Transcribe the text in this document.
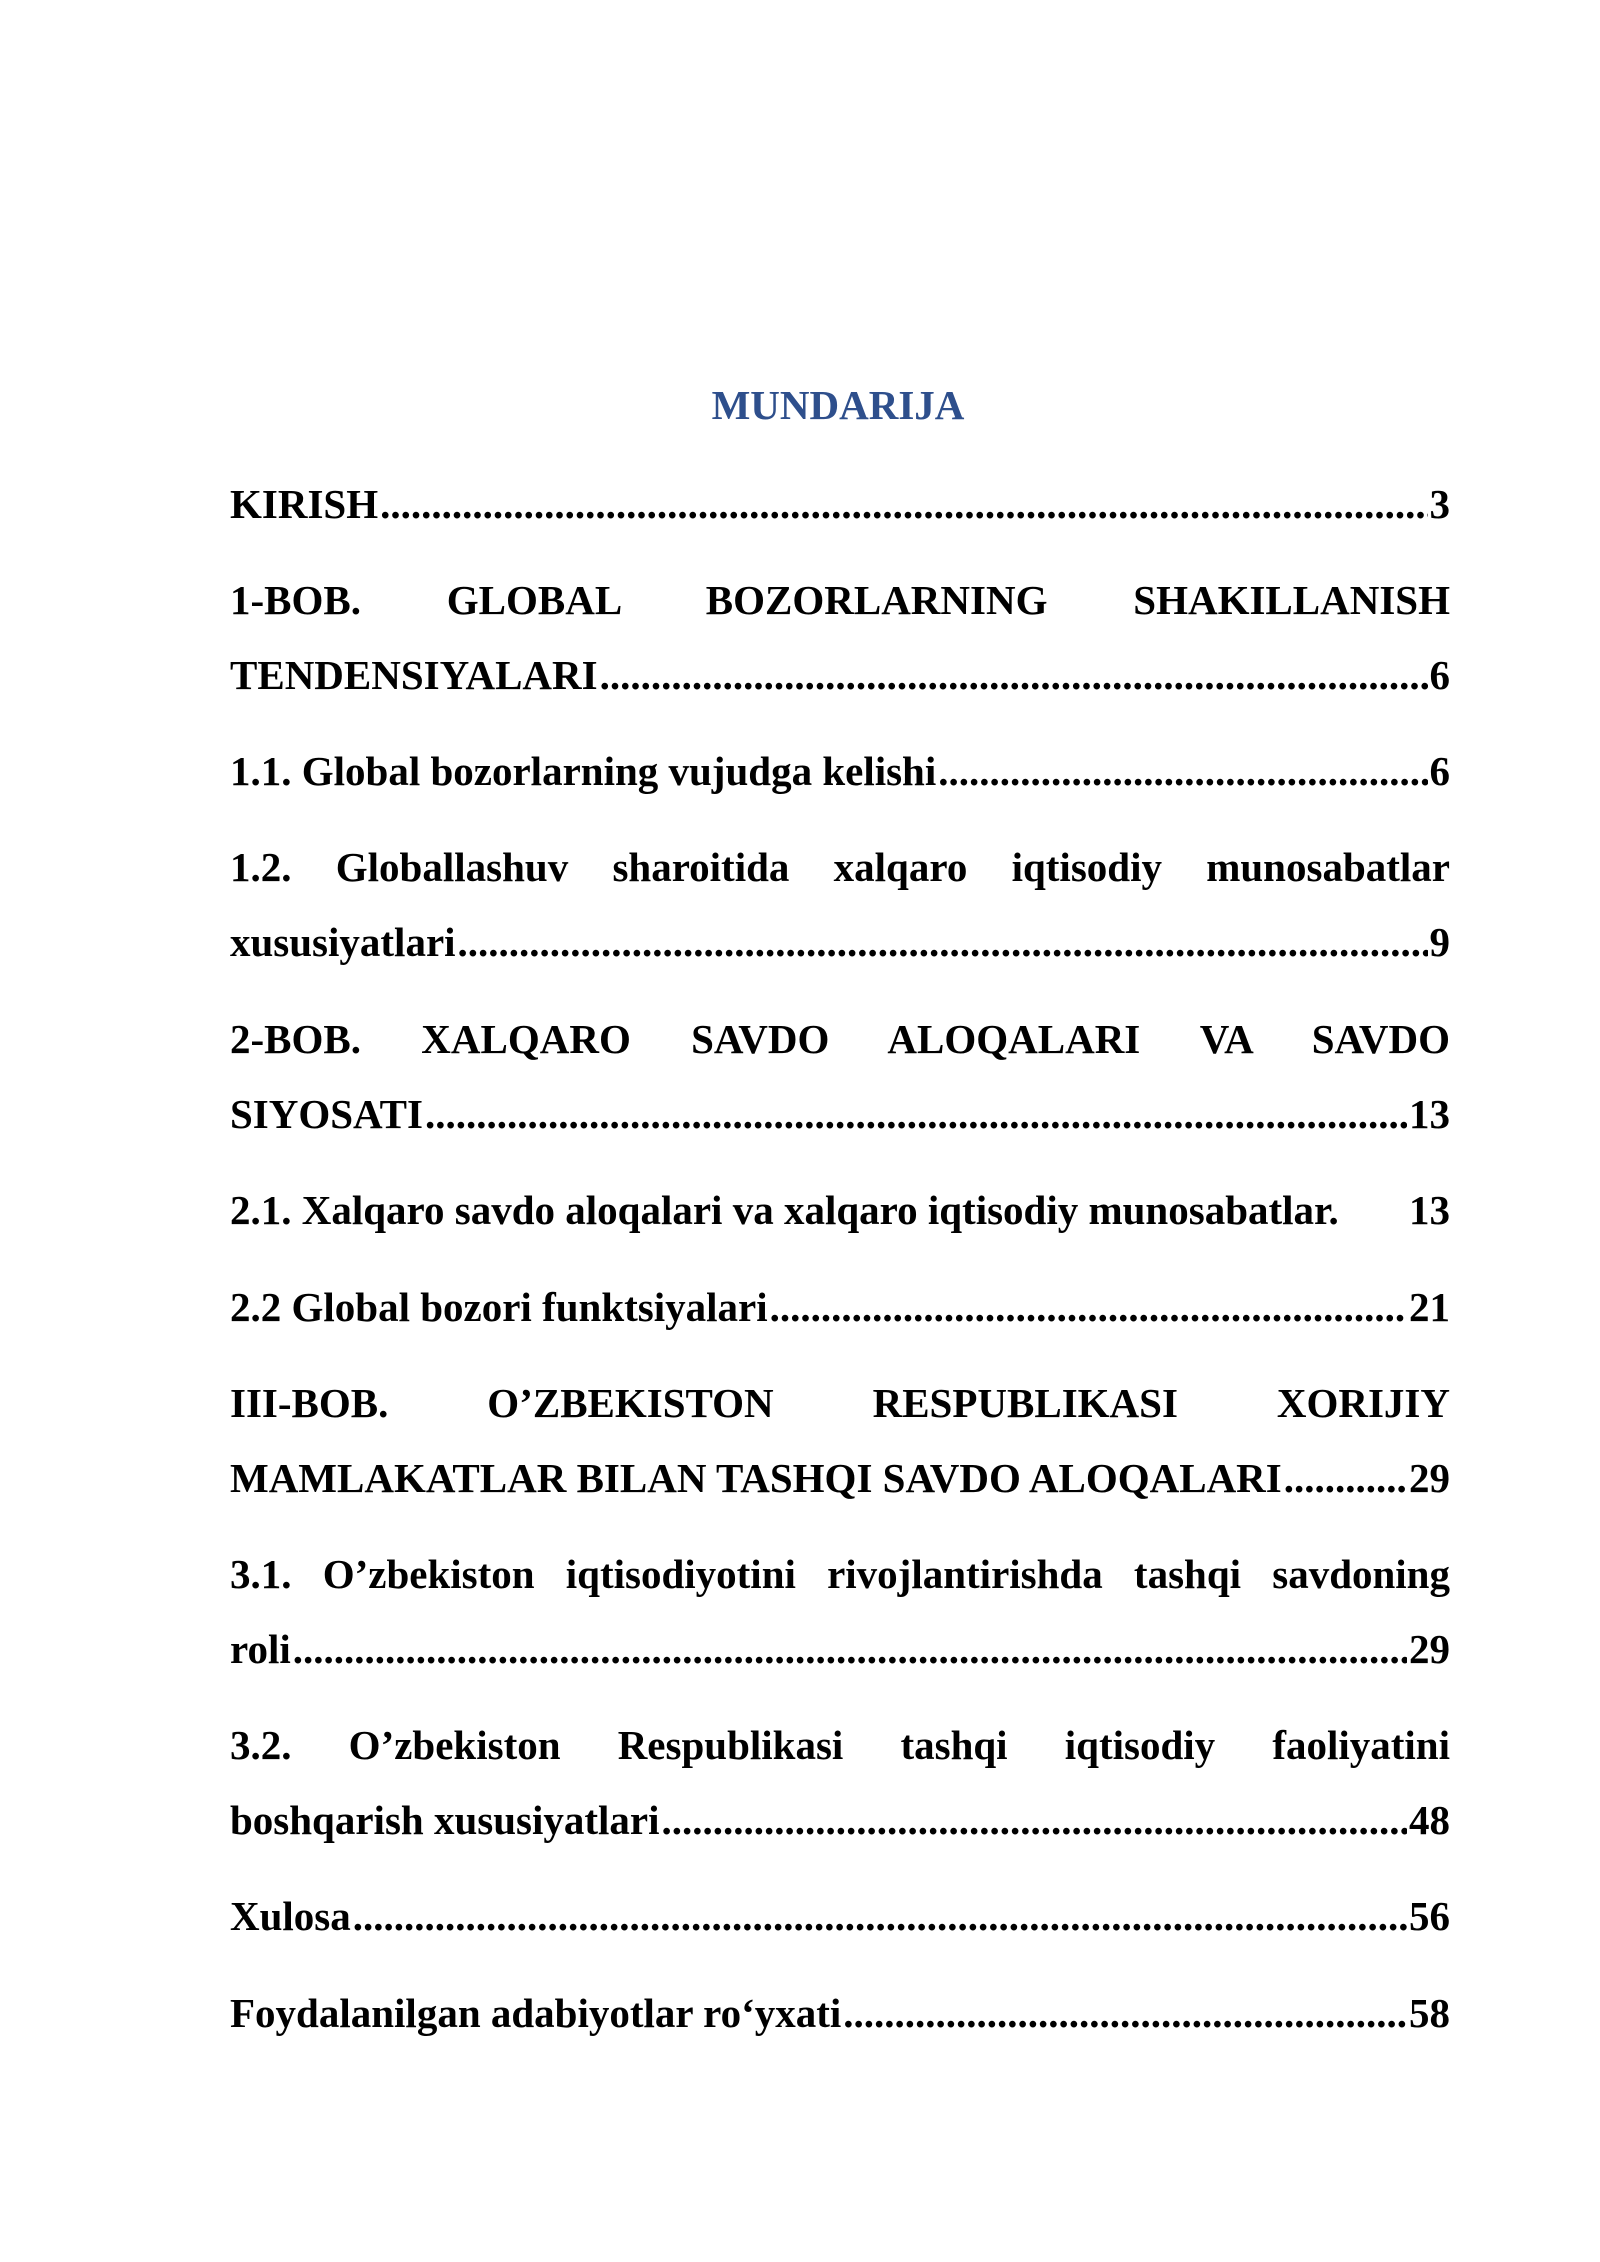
MUNDARIJA
KIRISH .....	3
1-BOB. GLOBAL BOZORLARNING SHAKILLANISH
TENDENSIYALARI .....	6
1.1. Global bozorlarning vujudga kelishi .....	6
1.2. Globallashuv sharoitida xalqaro iqtisodiy munosabatlar
xususiyatlari .....	9
2-BOB. XALQARO SAVDO ALOQALARI VA SAVDO
SIYOSATI .....	13
2.1. Xalqaro savdo aloqalari va xalqaro iqtisodiy munosabatlar. 13
2.2 Global bozori funktsiyalari .....	21
III-BOB. O’ZBEKISTON RESPUBLIKASI XORIJIY
MAMLAKATLAR BILAN TASHQI SAVDO ALOQALARI .....	29
3.1. O’zbekiston iqtisodiyotini rivojlantirishda tashqi savdoning
roli .....	29
3.2. O’zbekiston Respublikasi tashqi iqtisodiy faoliyatini
boshqarish xususiyatlari .....	48
Xulosa .....	56
Foydalanilgan adabiyotlar ro‘yxati .....	58
